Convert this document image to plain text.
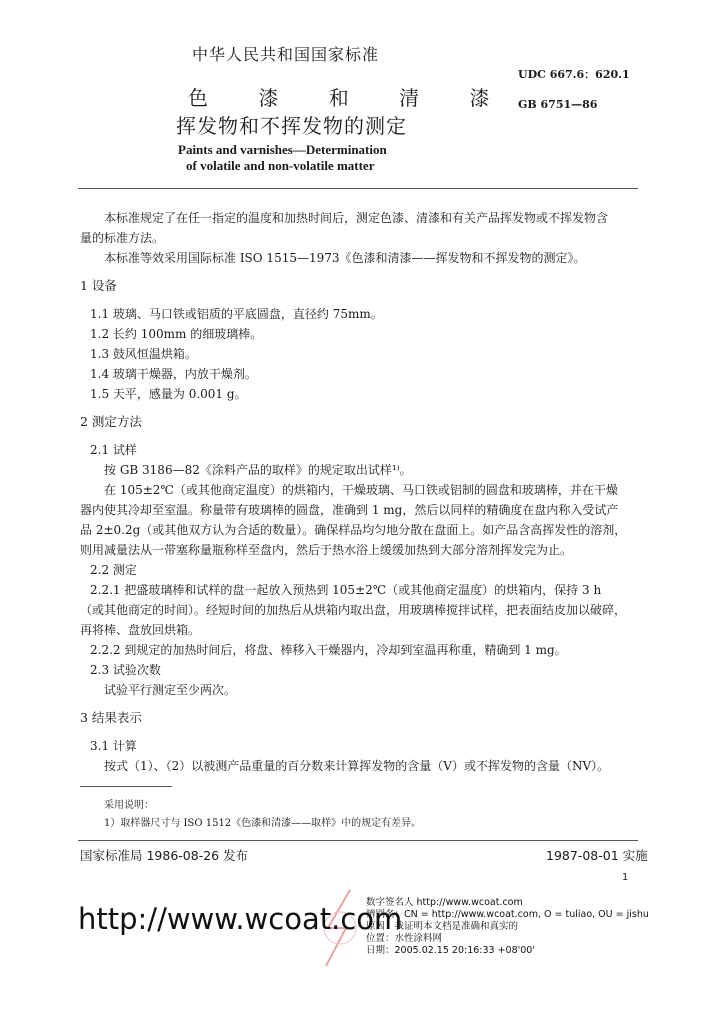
中华人民共和国国家标准
色 漆 和 清 漆
挥发物和不挥发物的测定
Paints and varnishes—Determination
of volatile and non-volatile matter
UDC 667.6：620.1
GB 6751—86
本标准规定了在任一指定的温度和加热时间后，测定色漆、清漆和有关产品挥发物或不挥发物含
量的标准方法。
本标准等效采用国际标准 ISO 1515—1973《色漆和清漆——挥发物和不挥发物的测定》。
1 设备
1.1 玻璃、马口铁或铝质的平底圆盘，直径约 75mm。
1.2 长约 100mm 的细玻璃棒。
1.3 鼓风恒温烘箱。
1.4 玻璃干燥器，内放干燥剂。
1.5 天平，感量为 0.001 g。
2 测定方法
2.1 试样
按 GB 3186—82《涂料产品的取样》的规定取出试样¹⁾。
在 105±2℃（或其他商定温度）的烘箱内，干燥玻璃、马口铁或铝制的圆盘和玻璃棒，并在干燥
器内使其冷却至室温。称量带有玻璃棒的圆盘，准确到 1 mg，然后以同样的精确度在盘内称入受试产
品 2±0.2g（或其他双方认为合适的数量）。确保样品均匀地分散在盘面上。如产品含高挥发性的溶剂，
则用减量法从一带塞称量瓶称样至盘内，然后于热水浴上缓缓加热到大部分溶剂挥发完为止。
2.2 测定
2.2.1 把盛玻璃棒和试样的盘一起放入预热到 105±2℃（或其他商定温度）的烘箱内，保持 3 h
（或其他商定的时间）。经短时间的加热后从烘箱内取出盘，用玻璃棒搅拌试样，把表面结皮加以破碎，
再将棒、盘放回烘箱。
2.2.2 到规定的加热时间后，将盘、棒移入干燥器内，冷却到室温再称重，精确到 1 mg。
2.3 试验次数
试验平行测定至少两次。
3 结果表示
3.1 计算
按式（1）、（2）以被测产品重量的百分数来计算挥发物的含量（V）或不挥发物的含量（NV）。
采用说明：
1）取样器尺寸与 ISO 1512《色漆和清漆——取样》中的规定有差异。
国家标准局 1986-08-26 发布	1987-08-01 实施
1
http://www.wcoat.com
数字签名人 http://www.wcoat.com
辨别名：CN = http://www.wcoat.com, O = tuliao, OU = jishu
原因：我证明本文档是准确和真实的
位置：水性涂料网
日期：2005.02.15 20:16:33 +08'00'
